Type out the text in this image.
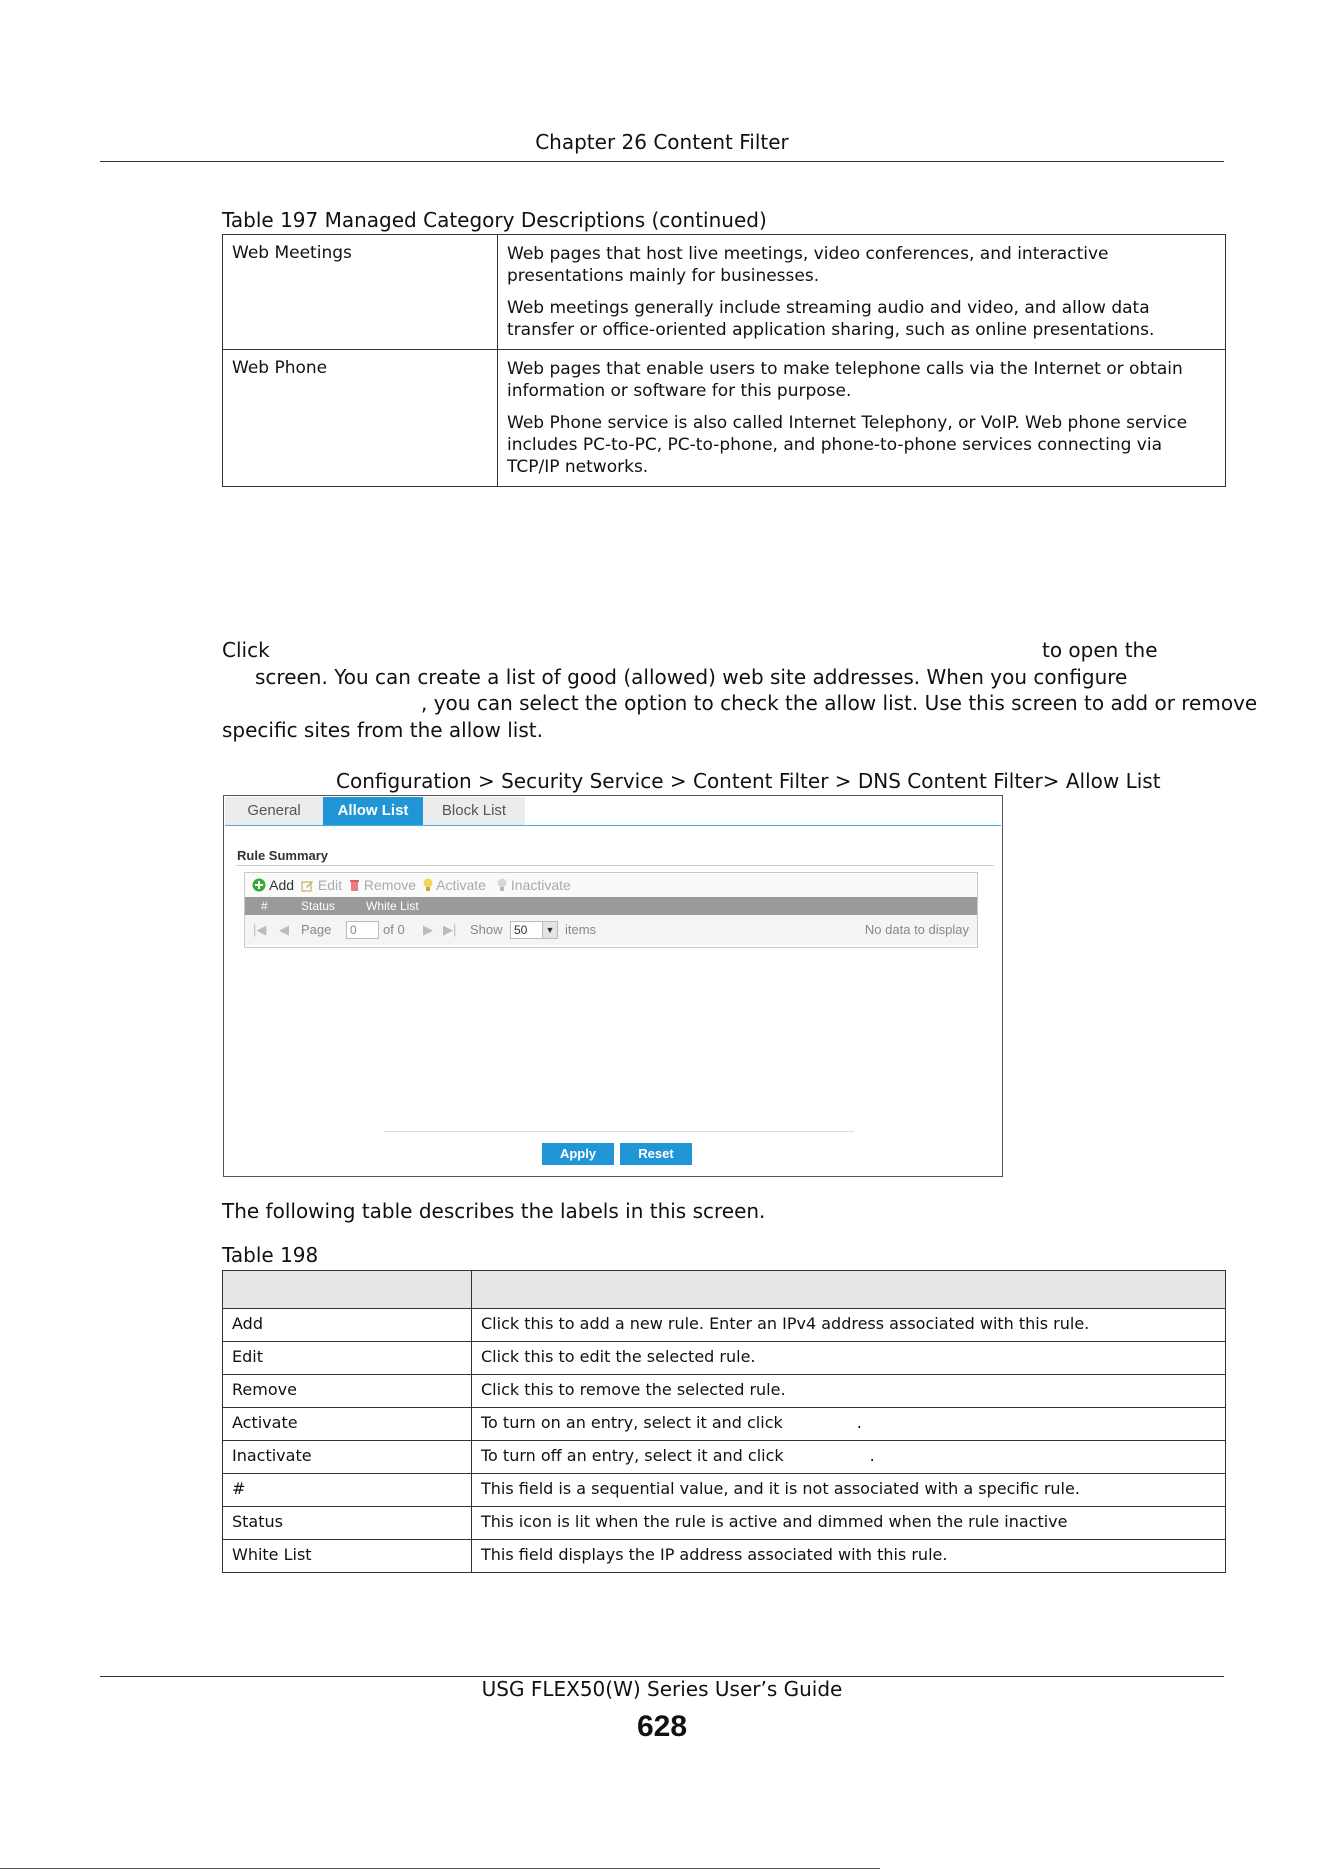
Chapter 26 Content Filter
Table 197 Managed Category Descriptions (continued)
Web Meetings	Web pages that host live meetings, video conferences, and interactive presentations mainly for businesses.

Web meetings generally include streaming audio and video, and allow data transfer or office-oriented application sharing, such as online presentations.

Web Phone	Web pages that enable users to make telephone calls via the Internet or obtain information or software for this purpose.

Web Phone service is also called Internet Telephony, or VoIP. Web phone service includes PC-to-PC, PC-to-phone, and phone-to-phone services connecting via TCP/IP networks.

Click	to open the
screen. You can create a list of good (allowed) web site addresses. When you configure
, you can select the option to check the allow list. Use this screen to add or remove
specific sites from the allow list.
Configuration > Security Service > Content Filter > DNS Content Filter> Allow List
General	Allow List	Block List
Rule Summary
Add	Edit	Remove	Activate	Inactivate
#	Status	White List
|◀ ◀ Page	0	of 0 ▶ ▶| Show 50	▼ items	No data to display
Apply	Reset
The following table describes the labels in this screen.
Table 198

Add	Click this to add a new rule. Enter an IPv4 address associated with this rule.
Edit	Click this to edit the selected rule.
Remove	Click this to remove the selected rule.
Activate	To turn on an entry, select it and click .
Inactivate	To turn off an entry, select it and click .
#	This field is a sequential value, and it is not associated with a specific rule.
Status	This icon is lit when the rule is active and dimmed when the rule inactive
White List	This field displays the IP address associated with this rule.
USG FLEX50(W) Series User’s Guide
628
